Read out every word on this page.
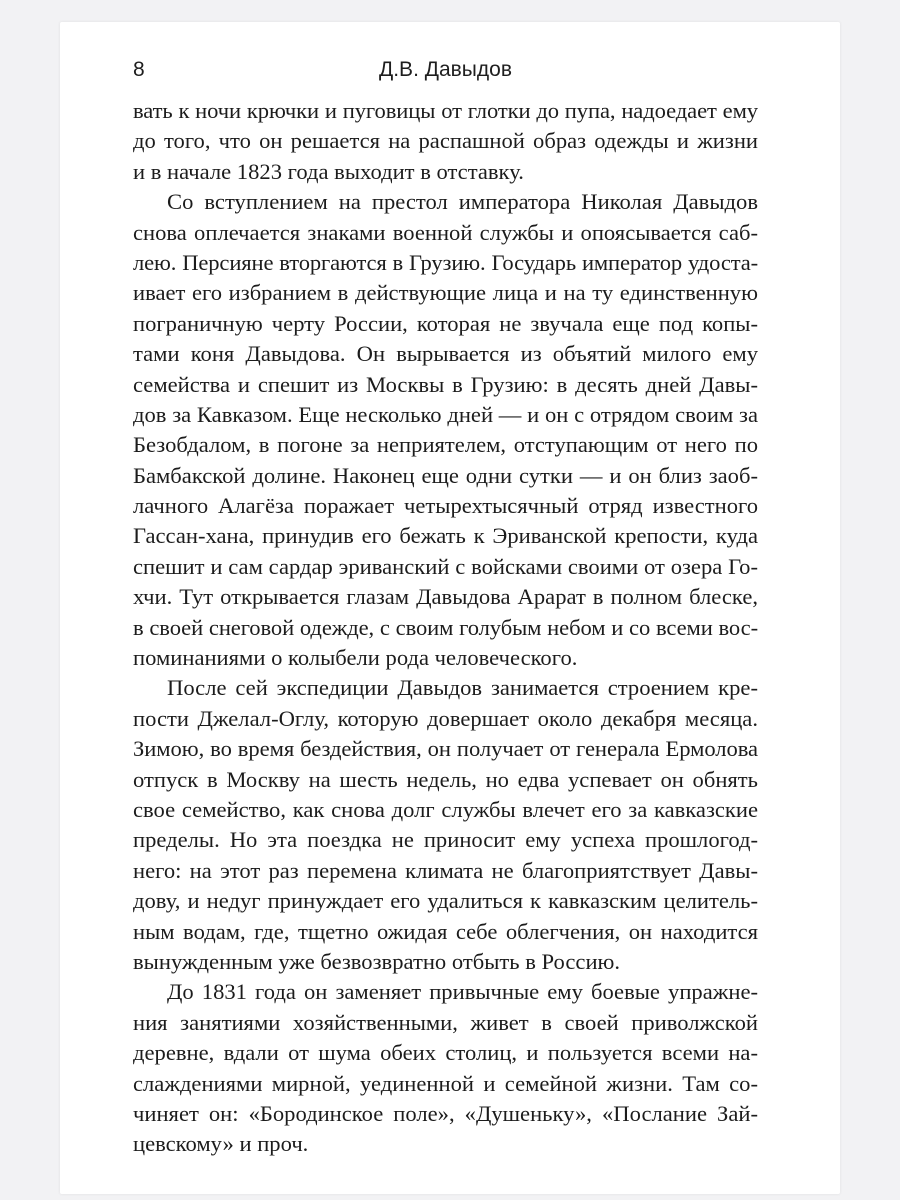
8	Д.В. Давыдов

вать к ночи крючки и пуговицы от глотки до пупа, надоедает ему
до того, что он решается на распашной образ одежды и жизни
и в начале 1823 года выходит в отставку.

Со вступлением на престол императора Николая Давыдов
снова оплечается знаками военной службы и опоясывается саб-
лею. Персияне вторгаются в Грузию. Государь император удоста-
ивает его избранием в действующие лица и на ту единственную
пограничную черту России, которая не звучала еще под копы-
тами коня Давыдова. Он вырывается из объятий милого ему
семейства и спешит из Москвы в Грузию: в десять дней Давы-
дов за Кавказом. Еще несколько дней — и он с отрядом своим за
Безобдалом, в погоне за неприятелем, отступающим от него по
Бамбакской долине. Наконец еще одни сутки — и он близ заоб-
лачного Алагёза поражает четырехтысячный отряд известного
Гассан-хана, принудив его бежать к Эриванской крепости, куда
спешит и сам сардар эриванский с войсками своими от озера Го-
хчи. Тут открывается глазам Давыдова Арарат в полном блеске,
в своей снеговой одежде, с своим голубым небом и со всеми вос-
поминаниями о колыбели рода человеческого.

После сей экспедиции Давыдов занимается строением кре-
пости Джелал-Оглу, которую довершает около декабря месяца.
Зимою, во время бездействия, он получает от генерала Ермолова
отпуск в Москву на шесть недель, но едва успевает он обнять
свое семейство, как снова долг службы влечет его за кавказские
пределы. Но эта поездка не приносит ему успеха прошлогод-
него: на этот раз перемена климата не благоприятствует Давы-
дову, и недуг принуждает его удалиться к кавказским целитель-
ным водам, где, тщетно ожидая себе облегчения, он находится
вынужденным уже безвозвратно отбыть в Россию.

До 1831 года он заменяет привычные ему боевые упражне-
ния занятиями хозяйственными, живет в своей приволжской
деревне, вдали от шума обеих столиц, и пользуется всеми на-
слаждениями мирной, уединенной и семейной жизни. Там со-
чиняет он: «Бородинское поле», «Душеньку», «Послание Зай-
цевскому» и проч.
